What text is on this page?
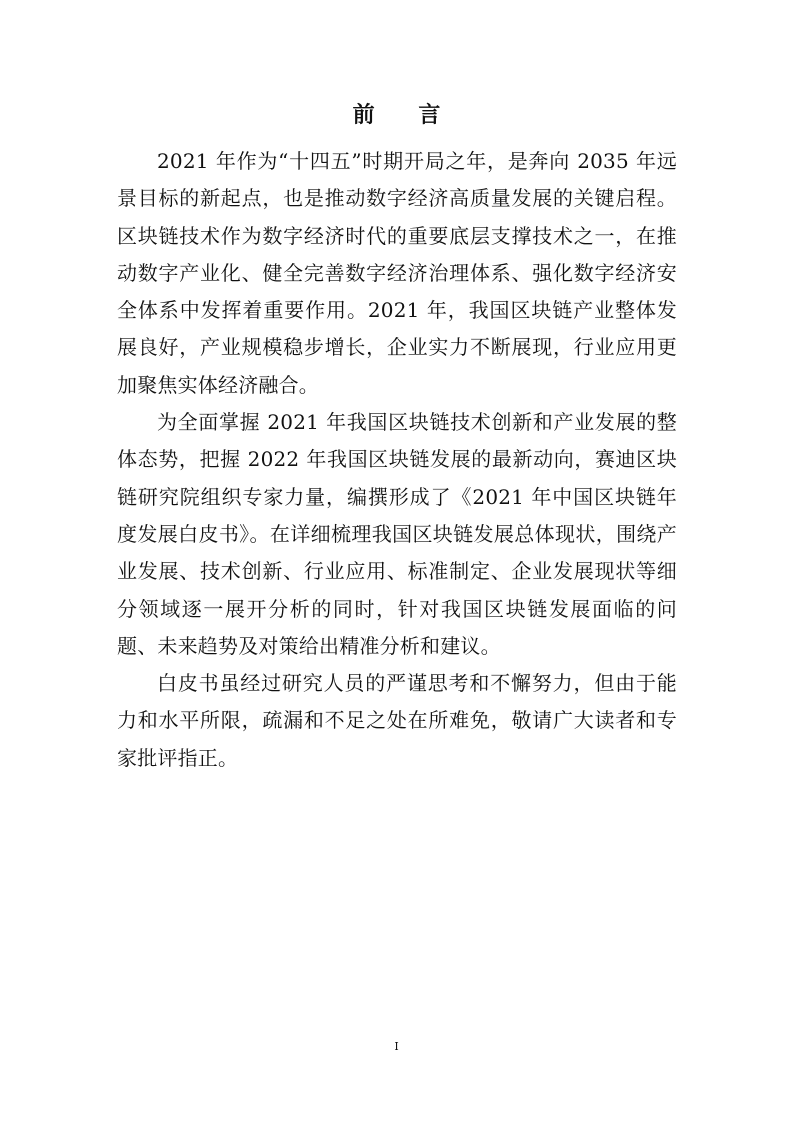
前 言

2021 年作为“十四五”时期开局之年，是奔向 2035 年远景目标的新起点，也是推动数字经济高质量发展的关键启程。区块链技术作为数字经济时代的重要底层支撑技术之一，在推动数字产业化、健全完善数字经济治理体系、强化数字经济安全体系中发挥着重要作用。2021 年，我国区块链产业整体发展良好，产业规模稳步增长，企业实力不断展现，行业应用更加聚焦实体经济融合。

为全面掌握 2021 年我国区块链技术创新和产业发展的整体态势，把握 2022 年我国区块链发展的最新动向，赛迪区块链研究院组织专家力量，编撰形成了《2021 年中国区块链年度发展白皮书》。在详细梳理我国区块链发展总体现状，围绕产业发展、技术创新、行业应用、标准制定、企业发展现状等细分领域逐一展开分析的同时，针对我国区块链发展面临的问题、未来趋势及对策给出精准分析和建议。

白皮书虽经过研究人员的严谨思考和不懈努力，但由于能力和水平所限，疏漏和不足之处在所难免，敬请广大读者和专家批评指正。

I
